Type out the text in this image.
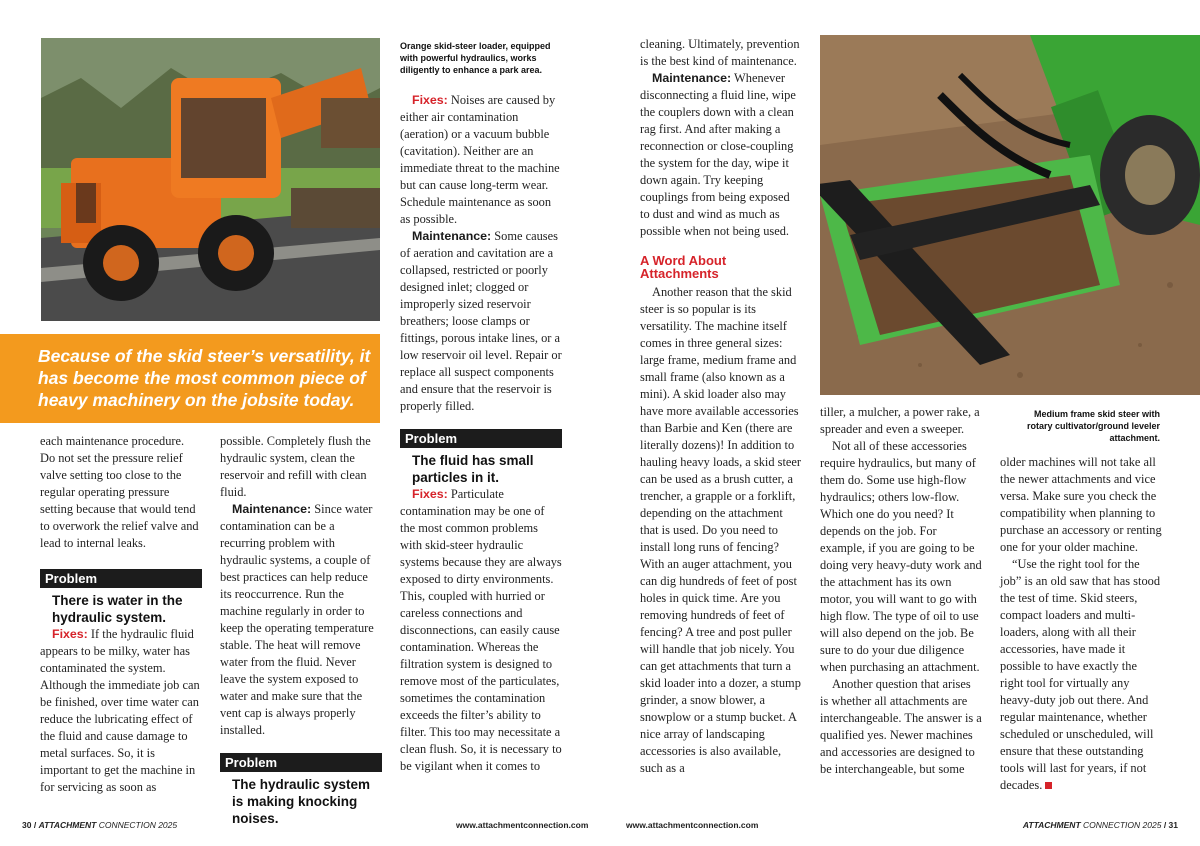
Because of the skid steer’s versatility, it has become the most common piece of heavy machinery on the jobsite today.
Orange skid-steer loader, equipped with powerful hydraulics, works diligently to enhance a park area.
Medium frame skid steer with rotary cultivator/ground leveler attachment.

each maintenance procedure. Do not set the pressure relief valve setting too close to the regular operating pressure setting because that would tend to overwork the relief valve and lead to internal leaks.

Problem
There is water in the hydraulic system.

Fixes: If the hydraulic fluid appears to be milky, water has contaminated the system. Although the immediate job can be finished, over time water can reduce the lubricating effect of the fluid and cause damage to metal surfaces. So, it is important to get the machine in for servicing as soon as

possible. Completely flush the hydraulic system, clean the reservoir and refill with clean fluid.

Maintenance: Since water contamination can be a recurring problem with hydraulic systems, a couple of best practices can help reduce its reoccurrence. Run the machine regularly in order to keep the operating temperature stable. The heat will remove water from the fluid. Never leave the system exposed to water and make sure that the vent cap is always properly installed.

Problem
The hydraulic system is making knocking noises.

Fixes: Noises are caused by either air contamination (aeration) or a vacuum bubble (cavitation). Neither are an immediate threat to the machine but can cause long-term wear. Schedule maintenance as soon as possible.

Maintenance: Some causes of aeration and cavitation are a collapsed, restricted or poorly designed inlet; clogged or improperly sized reservoir breathers; loose clamps or fittings, porous intake lines, or a low reservoir oil level. Repair or replace all suspect components and ensure that the reservoir is properly filled.

Problem
The fluid has small particles in it.

Fixes: Particulate contamination may be one of the most common problems with skid-steer hydraulic systems because they are always exposed to dirty environments. This, coupled with hurried or careless connections and disconnections, can easily cause contamination. Whereas the filtration system is designed to remove most of the particulates, sometimes the contamination exceeds the filter’s ability to filter. This too may necessitate a clean flush. So, it is necessary to be vigilant when it comes to

cleaning. Ultimately, prevention is the best kind of maintenance.

Maintenance: Whenever disconnecting a fluid line, wipe the couplers down with a clean rag first. And after making a reconnection or close-coupling the system for the day, wipe it down again. Try keeping couplings from being exposed to dust and wind as much as possible when not being used.

A Word About Attachments

Another reason that the skid steer is so popular is its versatility. The machine itself comes in three general sizes: large frame, medium frame and small frame (also known as a mini). A skid loader also may have more available accessories than Barbie and Ken (there are literally dozens)! In addition to hauling heavy loads, a skid steer can be used as a brush cutter, a trencher, a grapple or a forklift, depending on the attachment that is used. Do you need to install long runs of fencing? With an auger attachment, you can dig hundreds of feet of post holes in quick time. Are you removing hundreds of feet of fencing? A tree and post puller will handle that job nicely. You can get attachments that turn a skid loader into a dozer, a stump grinder, a snow blower, a snowplow or a stump bucket. A nice array of landscaping accessories is also available, such as a

tiller, a mulcher, a power rake, a spreader and even a sweeper.

Not all of these accessories require hydraulics, but many of them do. Some use high-flow hydraulics; others low-flow. Which one do you need? It depends on the job. For example, if you are going to be doing very heavy-duty work and the attachment has its own motor, you will want to go with high flow. The type of oil to use will also depend on the job. Be sure to do your due diligence when purchasing an attachment.

Another question that arises is whether all attachments are interchangeable. The answer is a qualified yes. Newer machines and accessories are designed to be interchangeable, but some

older machines will not take all the newer attachments and vice versa. Make sure you check the compatibility when planning to purchase an accessory or renting one for your older machine.

“Use the right tool for the job” is an old saw that has stood the test of time. Skid steers, compact loaders and multi-loaders, along with all their accessories, have made it possible to have exactly the right tool for virtually any heavy-duty job out there. And regular maintenance, whether scheduled or unscheduled, will ensure that these outstanding tools will last for years, if not decades.

30 / ATTACHMENT CONNECTION 2025	www.attachmentconnection.com	www.attachmentconnection.com	ATTACHMENT CONNECTION 2025 / 31
